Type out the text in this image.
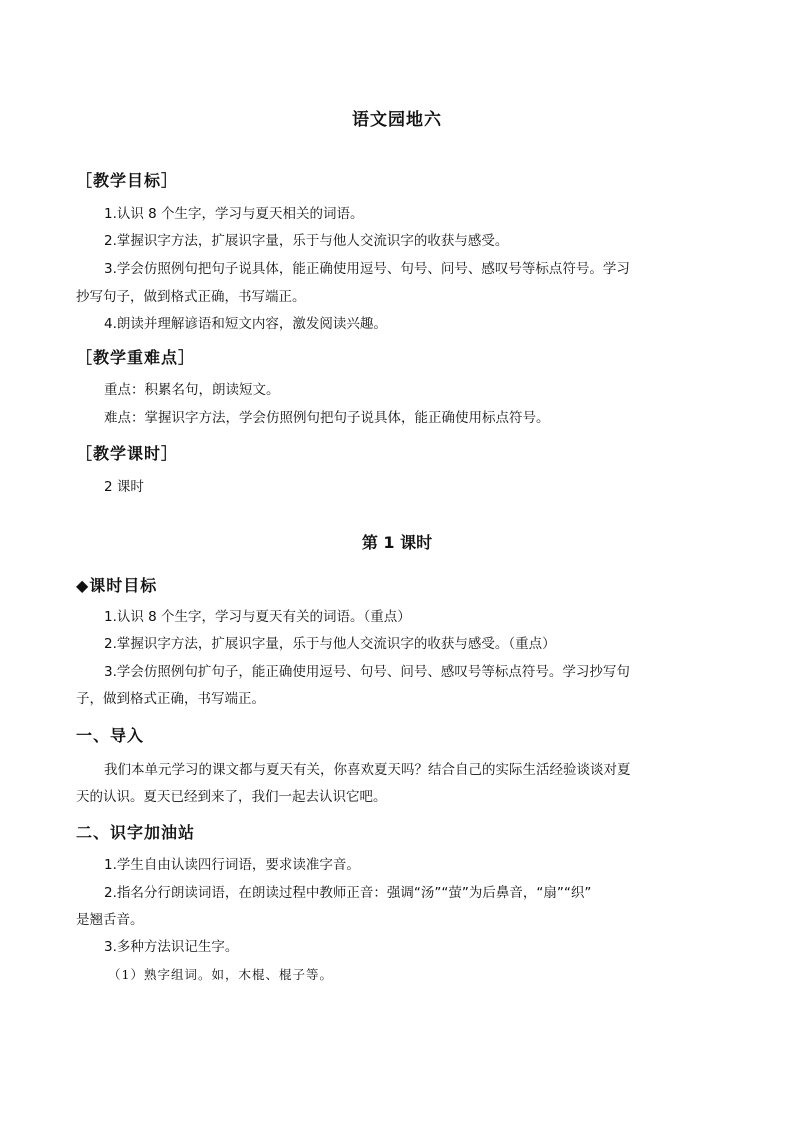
语文园地六
［教学目标］
1.认识 8 个生字，学习与夏天相关的词语。
2.掌握识字方法，扩展识字量，乐于与他人交流识字的收获与感受。
3.学会仿照例句把句子说具体，能正确使用逗号、句号、问号、感叹号等标点符号。学习
抄写句子，做到格式正确，书写端正。
4.朗读并理解谚语和短文内容，激发阅读兴趣。
［教学重难点］
重点：积累名句，朗读短文。
难点：掌握识字方法，学会仿照例句把句子说具体，能正确使用标点符号。
［教学课时］
2 课时
第 1 课时
◆课时目标
1.认识 8 个生字，学习与夏天有关的词语。（重点）
2.掌握识字方法，扩展识字量，乐于与他人交流识字的收获与感受。（重点）
3.学会仿照例句扩句子，能正确使用逗号、句号、问号、感叹号等标点符号。学习抄写句
子，做到格式正确，书写端正。
一、导入
我们本单元学习的课文都与夏天有关，你喜欢夏天吗？结合自己的实际生活经验谈谈对夏
天的认识。夏天已经到来了，我们一起去认识它吧。
二、识字加油站
1.学生自由认读四行词语，要求读准字音。
2.指名分行朗读词语，在朗读过程中教师正音：强调“汤”“萤”为后鼻音，“扇”“织”
是翘舌音。
3.多种方法识记生字。
（1）熟字组词。如，木棍、棍子等。
